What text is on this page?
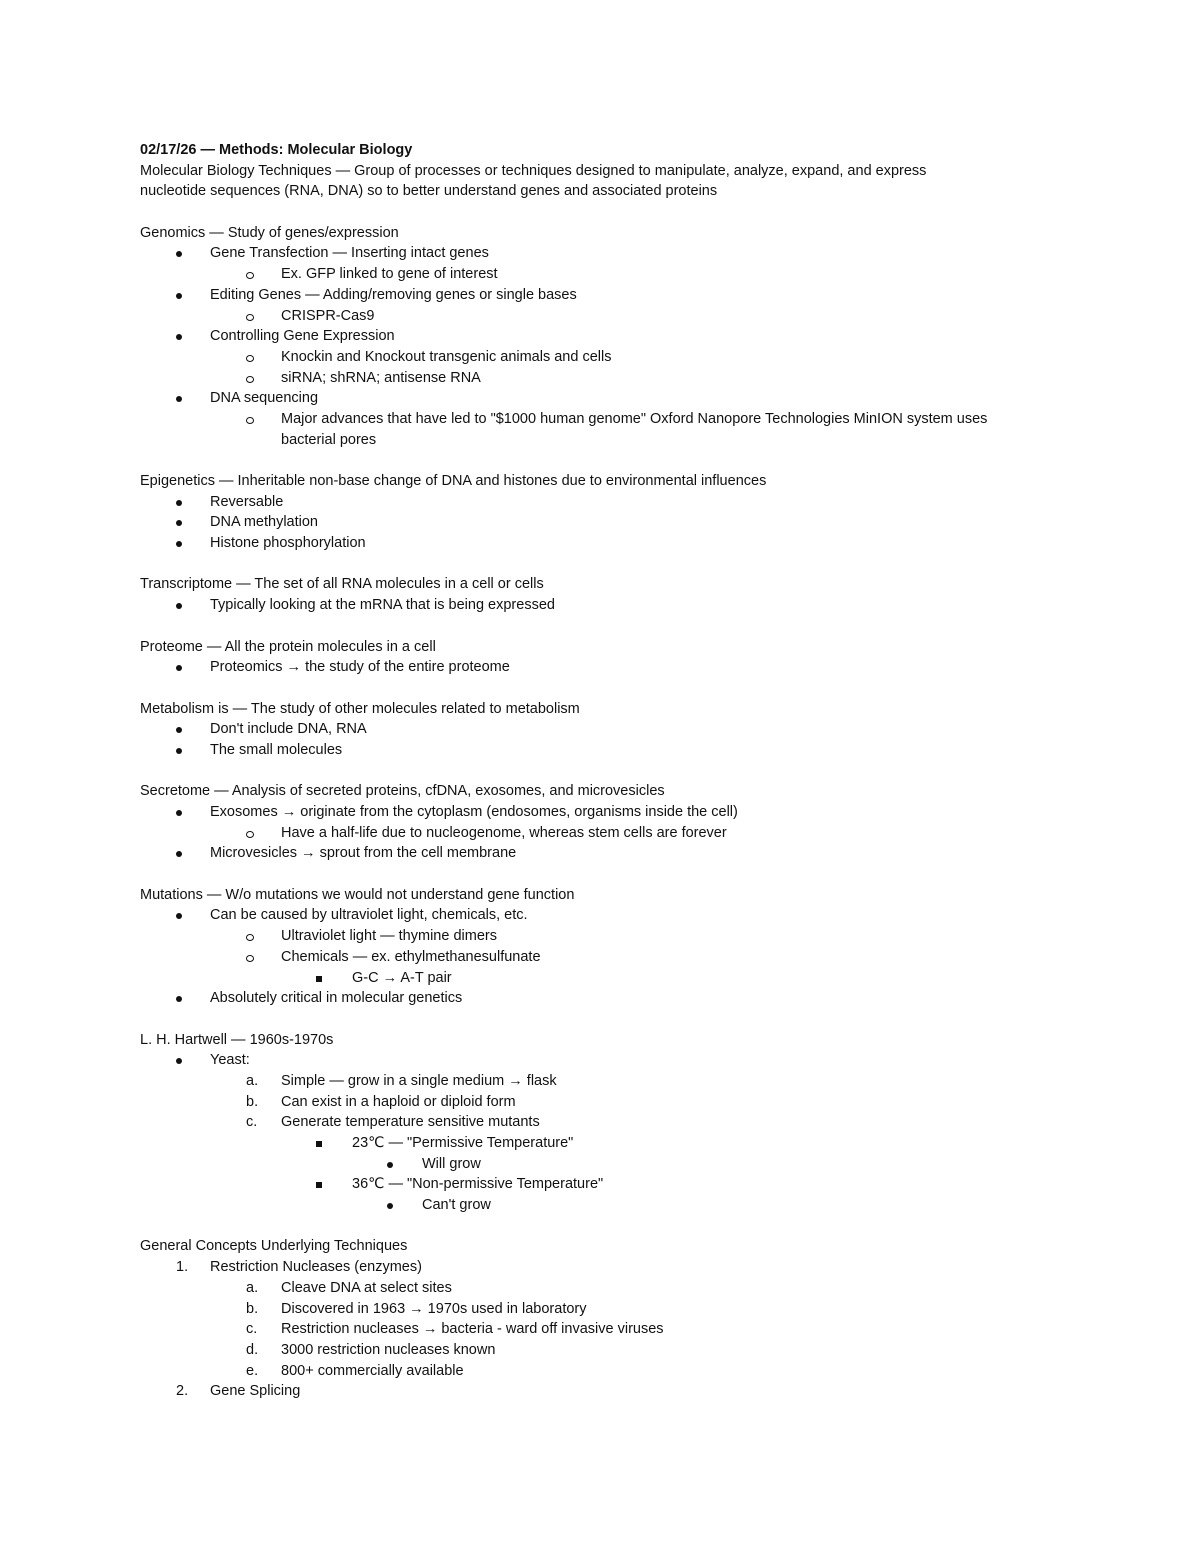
02/17/26 — Methods: Molecular Biology
Molecular Biology Techniques — Group of processes or techniques designed to manipulate, analyze, expand, and express
nucleotide sequences (RNA, DNA) so to better understand genes and associated proteins
Genomics — Study of genes/expression
Gene Transfection — Inserting intact genes
Ex. GFP linked to gene of interest
Editing Genes — Adding/removing genes or single bases
CRISPR-Cas9
Controlling Gene Expression
Knockin and Knockout transgenic animals and cells
siRNA; shRNA; antisense RNA
DNA sequencing
Major advances that have led to "$1000 human genome" Oxford Nanopore Technologies MinION system uses
bacterial pores
Epigenetics — Inheritable non-base change of DNA and histones due to environmental influences
Reversable
DNA methylation
Histone phosphorylation
Transcriptome — The set of all RNA molecules in a cell or cells
Typically looking at the mRNA that is being expressed
Proteome — All the protein molecules in a cell
Proteomics → the study of the entire proteome
Metabolism is — The study of other molecules related to metabolism
Don't include DNA, RNA
The small molecules
Secretome — Analysis of secreted proteins, cfDNA, exosomes, and microvesicles
Exosomes → originate from the cytoplasm (endosomes, organisms inside the cell)
Have a half-life due to nucleogenome, whereas stem cells are forever
Microvesicles → sprout from the cell membrane
Mutations — W/o mutations we would not understand gene function
Can be caused by ultraviolet light, chemicals, etc.
Ultraviolet light — thymine dimers
Chemicals — ex. ethylmethanesulfunate
G-C → A-T pair
Absolutely critical in molecular genetics
L. H. Hartwell — 1960s-1970s
Yeast:
a. Simple — grow in a single medium → flask
b. Can exist in a haploid or diploid form
c. Generate temperature sensitive mutants
23℃ — "Permissive Temperature"
Will grow
36℃ — "Non-permissive Temperature"
Can't grow
General Concepts Underlying Techniques
1. Restriction Nucleases (enzymes)
a. Cleave DNA at select sites
b. Discovered in 1963 → 1970s used in laboratory
c. Restriction nucleases → bacteria - ward off invasive viruses
d. 3000 restriction nucleases known
e. 800+ commercially available
2. Gene Splicing
